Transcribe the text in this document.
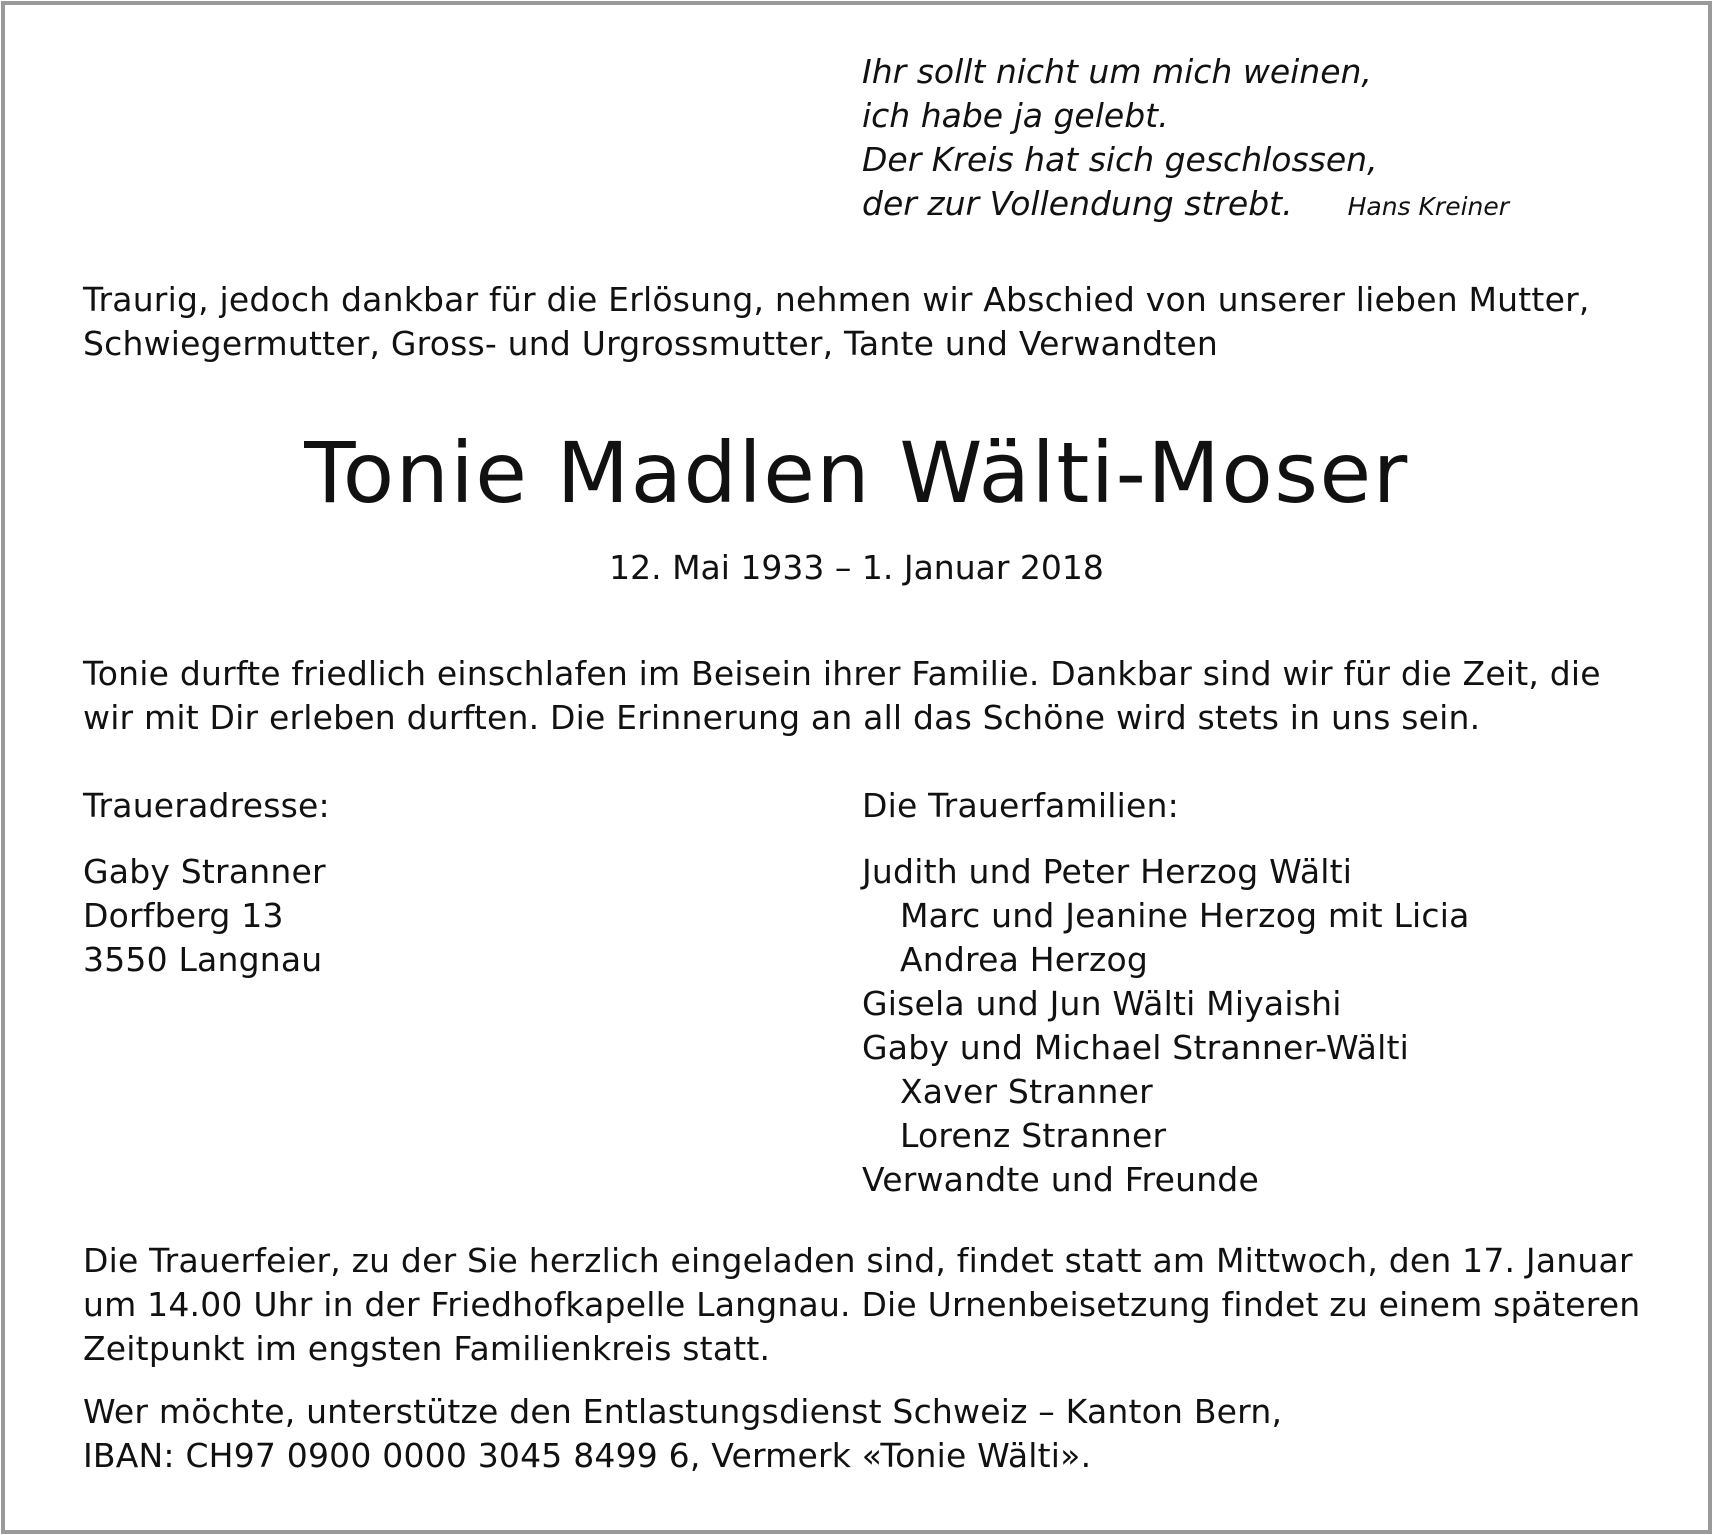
Ihr sollt nicht um mich weinen,
ich habe ja gelebt.
Der Kreis hat sich geschlossen,
der zur Vollendung strebt. Hans Kreiner
Traurig, jedoch dankbar für die Erlösung, nehmen wir Abschied von unserer lieben Mutter,
Schwiegermutter, Gross- und Urgrossmutter, Tante und Verwandten
Tonie Madlen Wälti-Moser
12. Mai 1933 – 1. Januar 2018
Tonie durfte friedlich einschlafen im Beisein ihrer Familie. Dankbar sind wir für die Zeit, die
wir mit Dir erleben durften. Die Erinnerung an all das Schöne wird stets in uns sein.
Traueradresse:
Gaby Stranner
Dorfberg 13
3550 Langnau
Die Trauerfamilien:
Judith und Peter Herzog Wälti
Marc und Jeanine Herzog mit Licia
Andrea Herzog
Gisela und Jun Wälti Miyaishi
Gaby und Michael Stranner-Wälti
Xaver Stranner
Lorenz Stranner
Verwandte und Freunde
Die Trauerfeier, zu der Sie herzlich eingeladen sind, findet statt am Mittwoch, den 17. Januar
um 14.00 Uhr in der Friedhofkapelle Langnau. Die Urnenbeisetzung findet zu einem späteren
Zeitpunkt im engsten Familienkreis statt.
Wer möchte, unterstütze den Entlastungsdienst Schweiz – Kanton Bern,
IBAN: CH97 0900 0000 3045 8499 6, Vermerk «Tonie Wälti».
